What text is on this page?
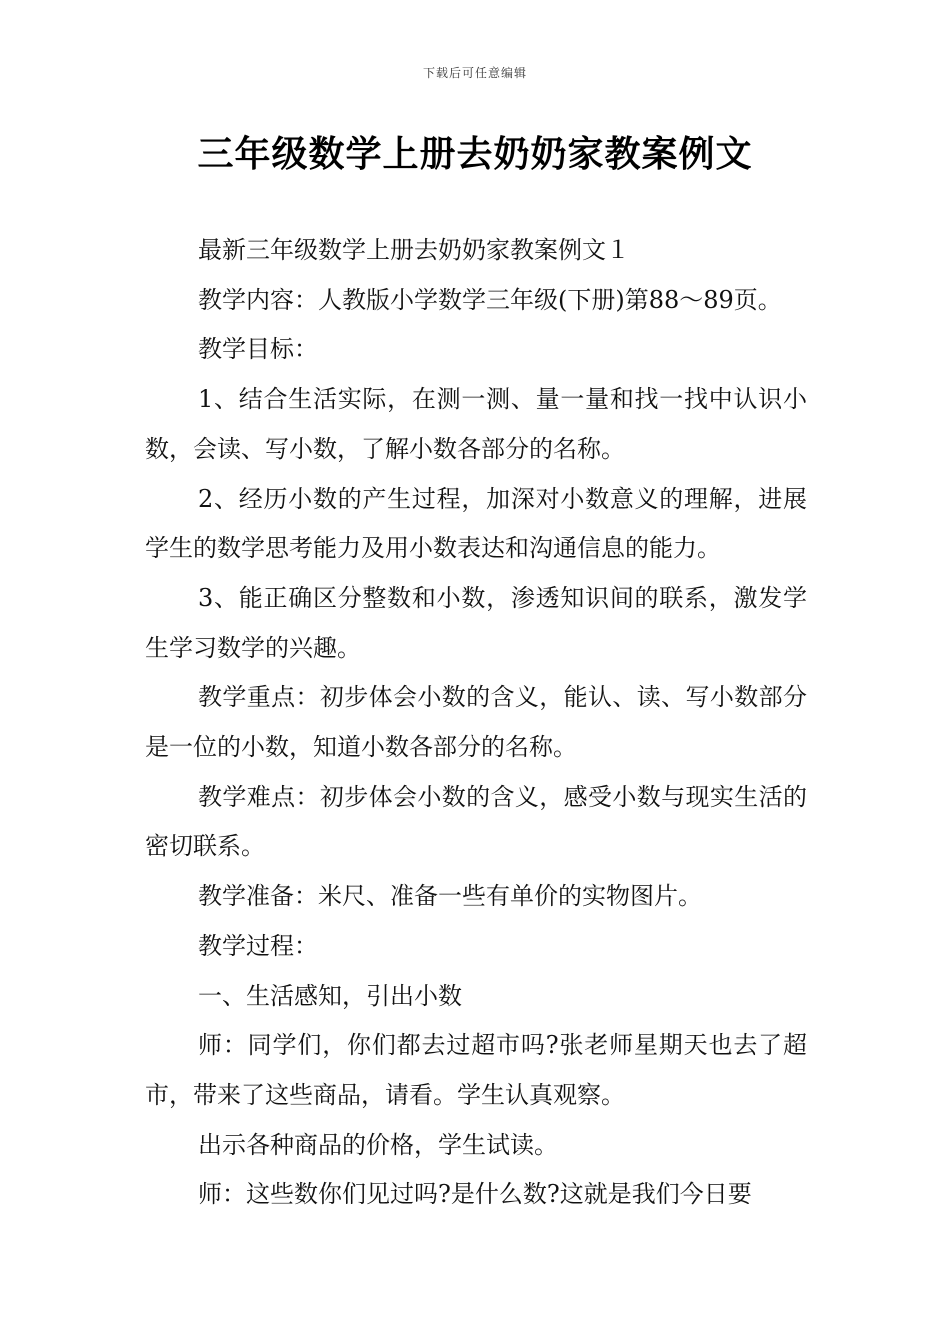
下载后可任意编辑
三年级数学上册去奶奶家教案例文

最新三年级数学上册去奶奶家教案例文１

教学内容：人教版小学数学三年级(下册)第88～89页。

教学目标：

1、结合生活实际，在测一测、量一量和找一找中认识小数，会读、写小数，了解小数各部分的名称。

2、经历小数的产生过程，加深对小数意义的理解，进展学生的数学思考能力及用小数表达和沟通信息的能力。

3、能正确区分整数和小数，渗透知识间的联系，激发学生学习数学的兴趣。

教学重点：初步体会小数的含义，能认、读、写小数部分是一位的小数，知道小数各部分的名称。

教学难点：初步体会小数的含义，感受小数与现实生活的密切联系。

教学准备：米尺、准备一些有单价的实物图片。

教学过程：

一、生活感知，引出小数

师：同学们，你们都去过超市吗?张老师星期天也去了超市，带来了这些商品，请看。学生认真观察。

出示各种商品的价格，学生试读。

师：这些数你们见过吗?是什么数?这就是我们今日要
